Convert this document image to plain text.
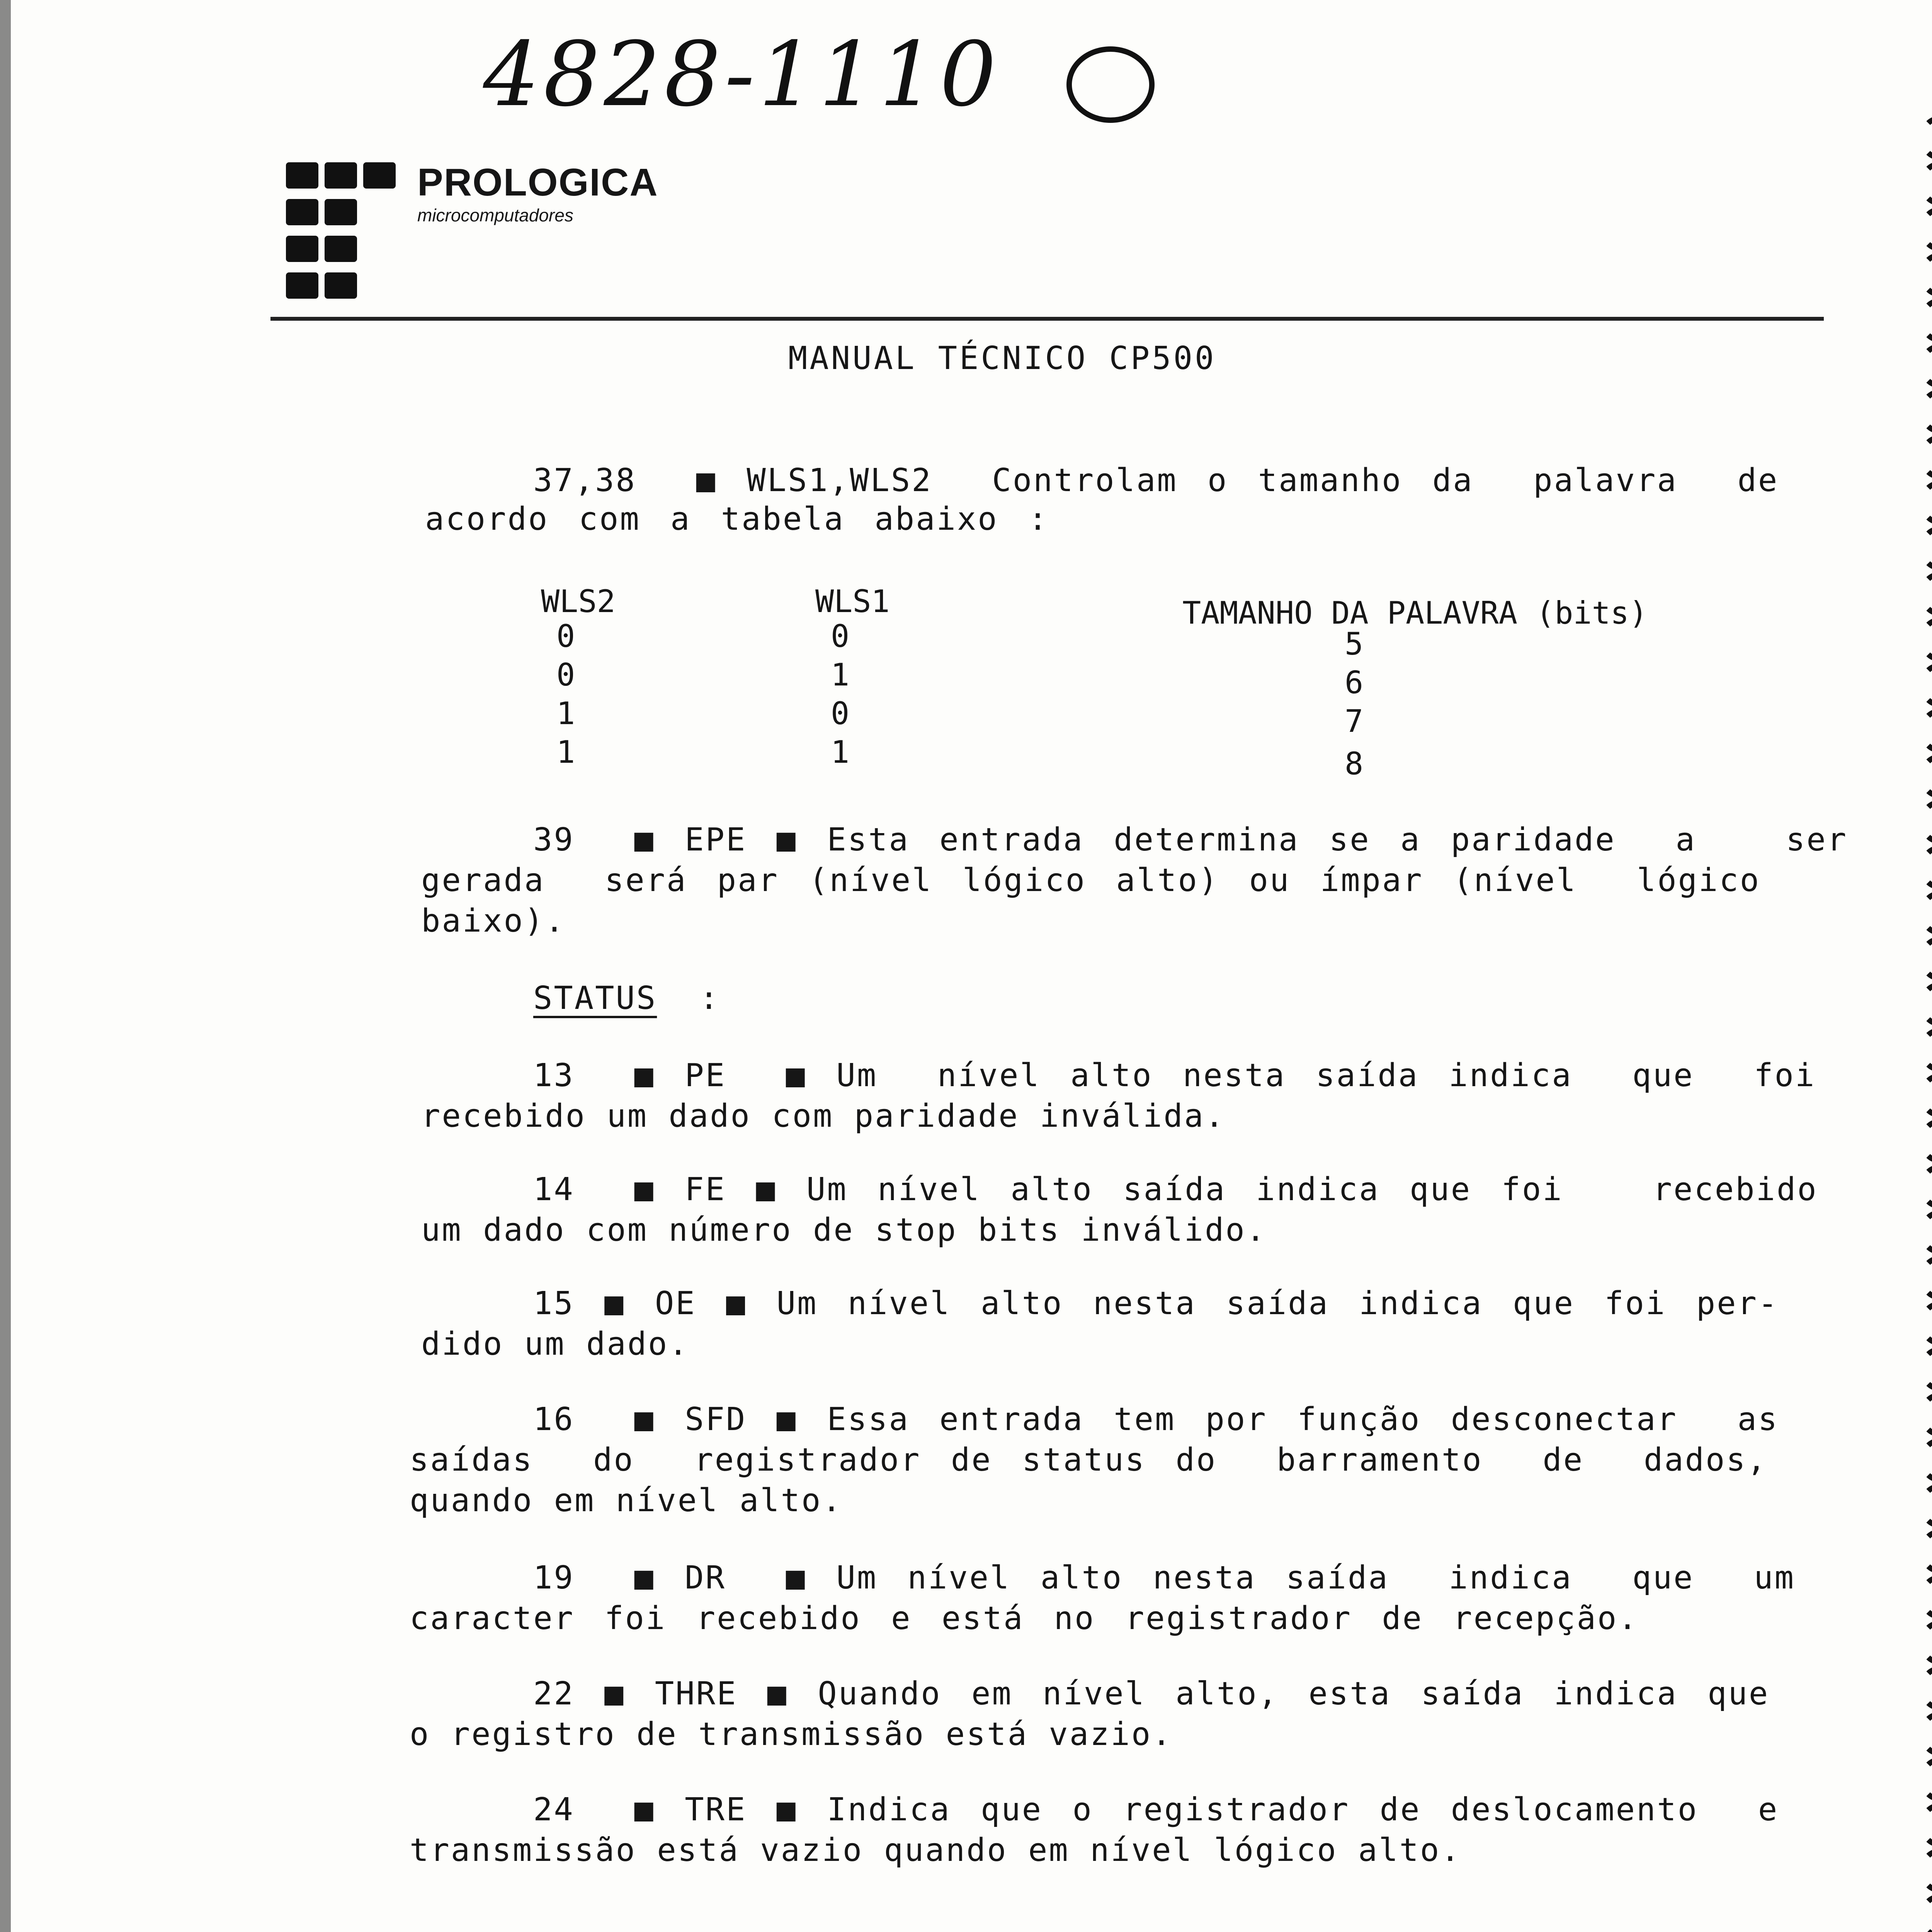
4828-1110
PROLOGICA
microcomputadores
MANUAL TÉCNICO CP500
37,38  ■ WLS1,WLS2  Controlam o tamanho da  palavra  de
acordo com a tabela abaixo :
WLS2	WLS1	TAMANHO DA PALAVRA (bits)
0	0	5
0	1	6
1	0	7
1	1	8
39  ■ EPE ■ Esta entrada determina se a paridade  a   ser
gerada  será par (nível lógico alto) ou ímpar (nível  lógico
baixo).
STATUS :
13  ■ PE  ■ Um  nível alto nesta saída indica  que  foi
recebido um dado com paridade inválida.
14  ■ FE ■ Um nível alto saída indica que foi   recebido
um dado com número de stop bits inválido.
15 ■ OE ■ Um nível alto nesta saída indica que foi per-
dido um dado.
16  ■ SFD ■ Essa entrada tem por função desconectar  as
saídas  do  registrador de status do  barramento  de  dados,
quando em nível alto.
19  ■ DR  ■ Um nível alto nesta saída  indica  que  um
caracter foi recebido e está no registrador de recepção.
22 ■ THRE ■ Quando em nível alto, esta saída indica que
o registro de transmissão está vazio.
24  ■ TRE ■ Indica que o registrador de deslocamento  e
transmissão está vazio quando em nível lógico alto.
